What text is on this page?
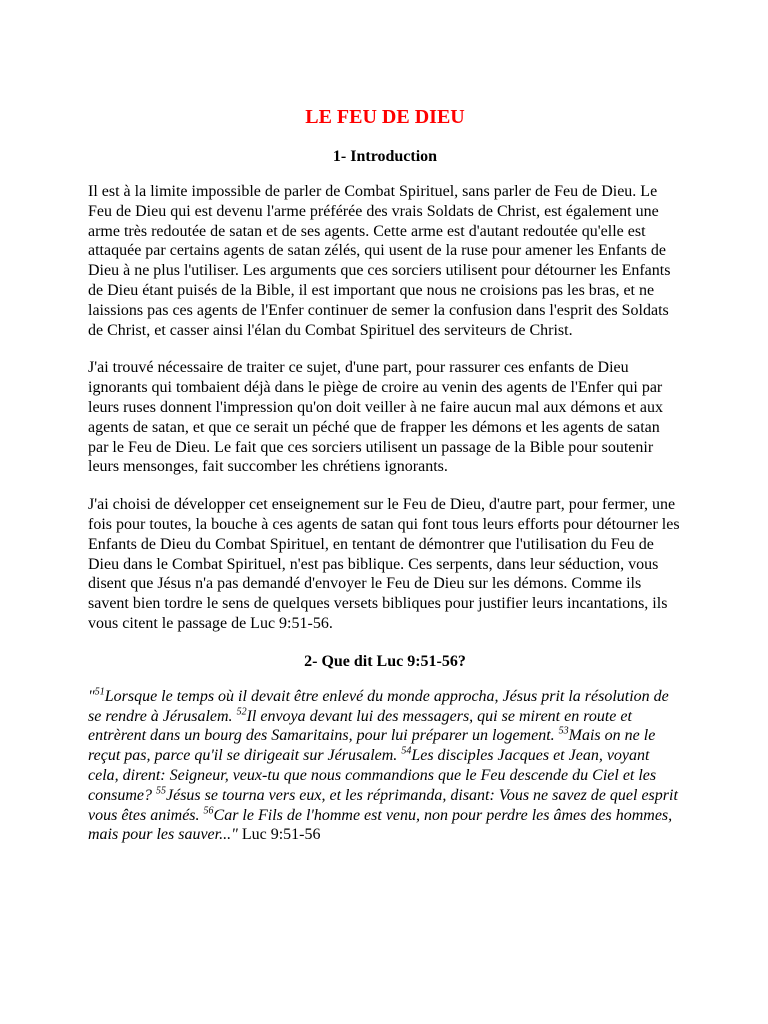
LE FEU DE DIEU
1- Introduction

Il est à la limite impossible de parler de Combat Spirituel, sans parler de Feu de Dieu. Le Feu de Dieu qui est devenu l'arme préférée des vrais Soldats de Christ, est également une arme très redoutée de satan et de ses agents. Cette arme est d'autant redoutée qu'elle est attaquée par certains agents de satan zélés, qui usent de la ruse pour amener les Enfants de Dieu à ne plus l'utiliser. Les arguments que ces sorciers utilisent pour détourner les Enfants de Dieu étant puisés de la Bible, il est important que nous ne croisions pas les bras, et ne laissions pas ces agents de l'Enfer continuer de semer la confusion dans l'esprit des Soldats de Christ, et casser ainsi l'élan du Combat Spirituel des serviteurs de Christ.

J'ai trouvé nécessaire de traiter ce sujet, d'une part, pour rassurer ces enfants de Dieu ignorants qui tombaient déjà dans le piège de croire au venin des agents de l'Enfer qui par leurs ruses donnent l'impression qu'on doit veiller à ne faire aucun mal aux démons et aux agents de satan, et que ce serait un péché que de frapper les démons et les agents de satan par le Feu de Dieu. Le fait que ces sorciers utilisent un passage de la Bible pour soutenir leurs mensonges, fait succomber les chrétiens ignorants.

J'ai choisi de développer cet enseignement sur le Feu de Dieu, d'autre part, pour fermer, une fois pour toutes, la bouche à ces agents de satan qui font tous leurs efforts pour détourner les Enfants de Dieu du Combat Spirituel, en tentant de démontrer que l'utilisation du Feu de Dieu dans le Combat Spirituel, n'est pas biblique. Ces serpents, dans leur séduction, vous disent que Jésus n'a pas demandé d'envoyer le Feu de Dieu sur les démons. Comme ils savent bien tordre le sens de quelques versets bibliques pour justifier leurs incantations, ils vous citent le passage de Luc 9:51-56.

2- Que dit Luc 9:51-56?

"$^{51}$Lorsque le temps où il devait être enlevé du monde approcha, Jésus prit la résolution de se rendre à Jérusalem. $^{52}$Il envoya devant lui des messagers, qui se mirent en route et entrèrent dans un bourg des Samaritains, pour lui préparer un logement. $^{53}$Mais on ne le reçut pas, parce qu'il se dirigeait sur Jérusalem. $^{54}$Les disciples Jacques et Jean, voyant cela, dirent: Seigneur, veux-tu que nous commandions que le Feu descende du Ciel et les consume? $^{55}$Jésus se tourna vers eux, et les réprimanda, disant: Vous ne savez de quel esprit vous êtes animés. $^{56}$Car le Fils de l'homme est venu, non pour perdre les âmes des hommes, mais pour les sauver..." Luc 9:51-56
